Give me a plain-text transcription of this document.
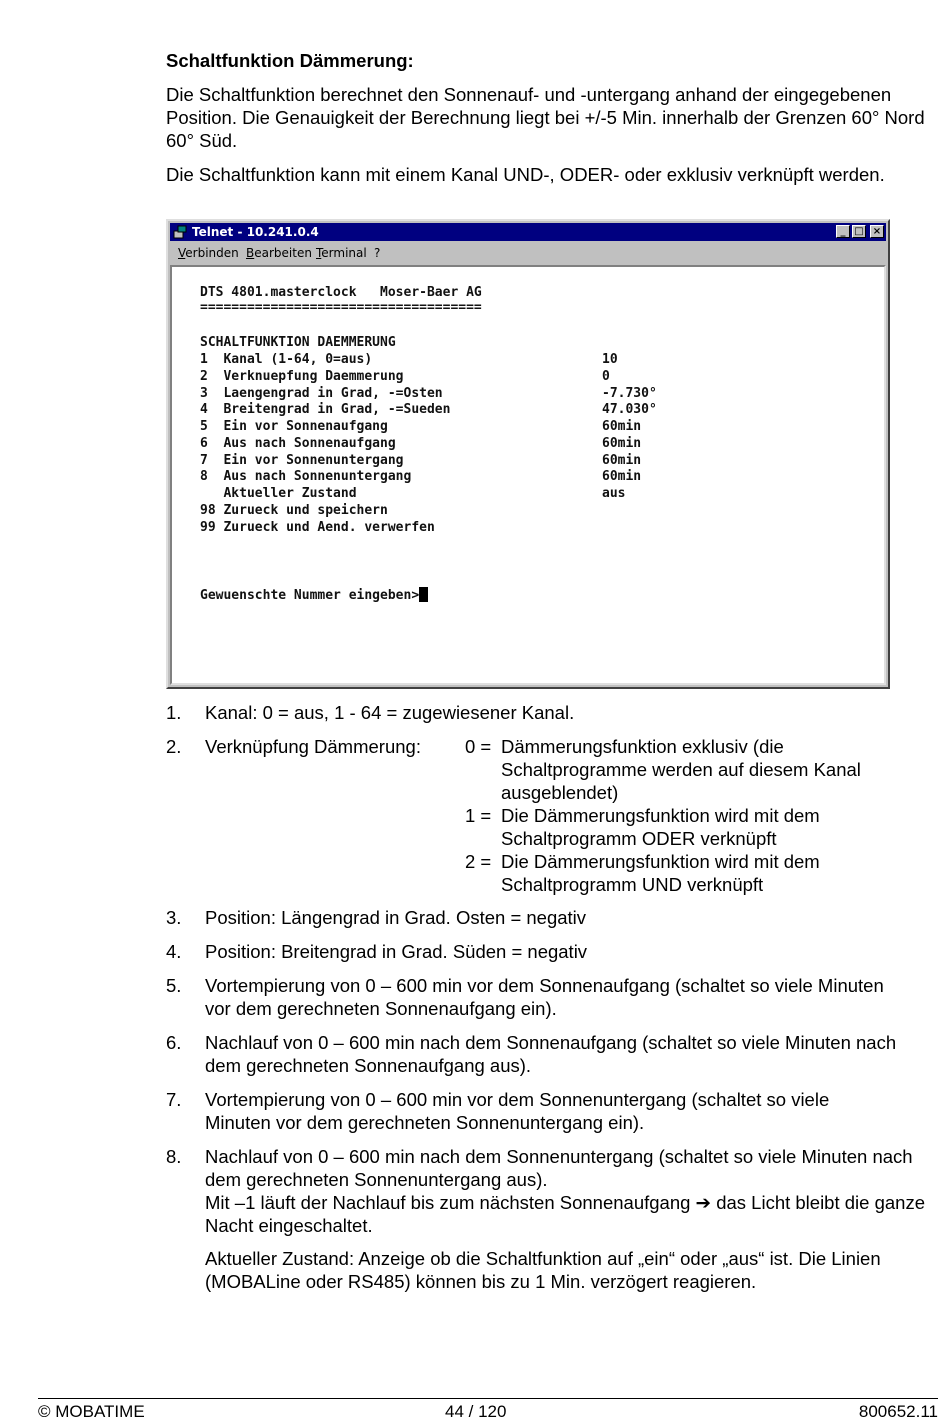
Schaltfunktion Dämmerung:
Die Schaltfunktion berechnet den Sonnenauf- und -untergang anhand der eingegebenen Position. Die Genauigkeit der Berechnung liegt bei +/-5 Min. innerhalb der Grenzen 60° Nord 60° Süd.
Die Schaltfunktion kann mit einem Kanal UND-, ODER- oder exklusiv verknüpft werden.
Telnet - 10.241.0.4	_ □ ×
Verbinden Bearbeiten Terminal ?
DTS 4801.masterclock   Moser-Baer AG
====================================
SCHALTFUNKTION DAEMMERUNG
1  Kanal (1-64, 0=aus)	10
2  Verknuepfung Daemmerung	0
3  Laengengrad in Grad, -=Osten	-7.730°
4  Breitengrad in Grad, -=Sueden	47.030°
5  Ein vor Sonnenaufgang	60min
6  Aus nach Sonnenaufgang	60min
7  Ein vor Sonnenuntergang	60min
8  Aus nach Sonnenuntergang	60min
Aktueller Zustand	aus
98 Zurueck und speichern
99 Zurueck und Aend. verwerfen
Gewuenschte Nummer eingeben>
1. Kanal: 0 = aus, 1 - 64 = zugewiesener Kanal.
2. Verknüpfung Dämmerung:	0 = Dämmerungsfunktion exklusiv (die Schaltprogramme werden auf diesem Kanal ausgeblendet)
1 = Die Dämmerungsfunktion wird mit dem Schaltprogramm ODER verknüpft
2 = Die Dämmerungsfunktion wird mit dem Schaltprogramm UND verknüpft
3. Position: Längengrad in Grad. Osten = negativ
4. Position: Breitengrad in Grad. Süden = negativ
5. Vortempierung von 0 – 600 min vor dem Sonnenaufgang (schaltet so viele Minuten vor dem gerechneten Sonnenaufgang ein).
6. Nachlauf von 0 – 600 min nach dem Sonnenaufgang (schaltet so viele Minuten nach dem gerechneten Sonnenaufgang aus).
7. Vortempierung von 0 – 600 min vor dem Sonnenuntergang (schaltet so viele Minuten vor dem gerechneten Sonnenuntergang ein).
8. Nachlauf von 0 – 600 min nach dem Sonnenuntergang (schaltet so viele Minuten nach dem gerechneten Sonnenuntergang aus).
Mit –1 läuft der Nachlauf bis zum nächsten Sonnenaufgang ➔ das Licht bleibt die ganze Nacht eingeschaltet.
Aktueller Zustand: Anzeige ob die Schaltfunktion auf „ein“ oder „aus“ ist. Die Linien (MOBALine oder RS485) können bis zu 1 Min. verzögert reagieren.
© MOBATIME	44 / 120	800652.11
